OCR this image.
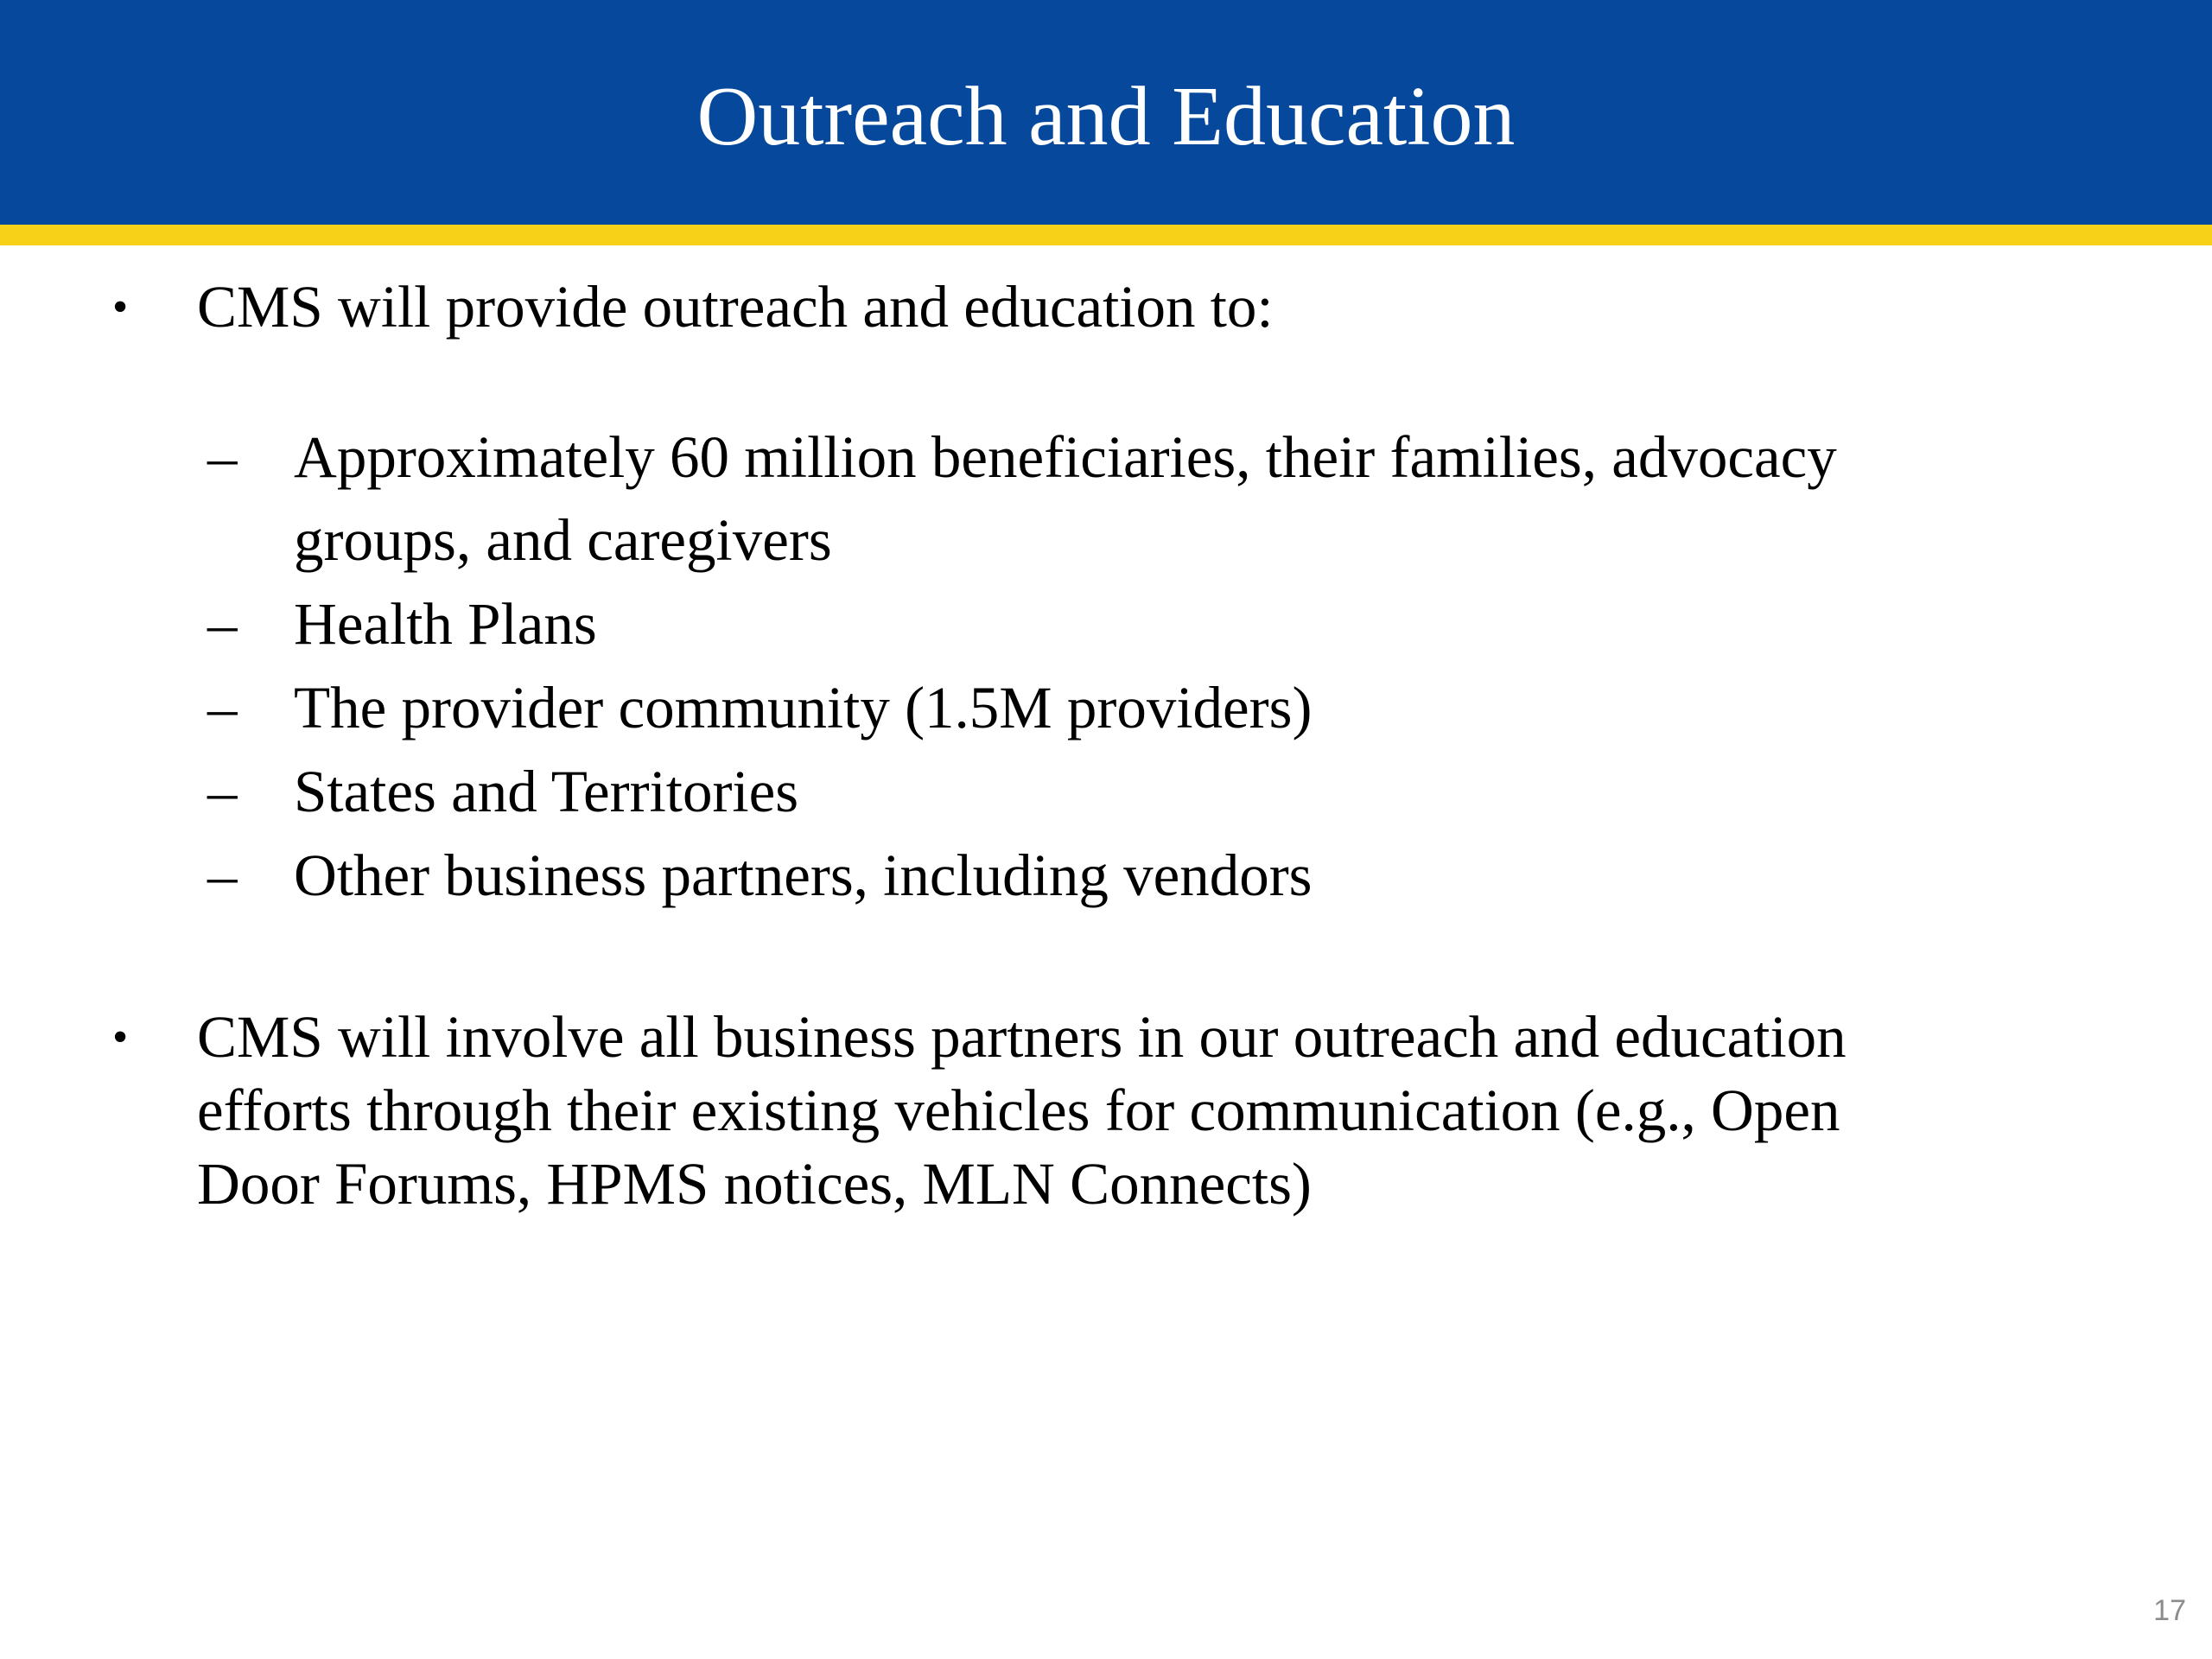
Outreach and Education
• CMS will provide outreach and education to:
– Approximately 60 million beneficiaries, their families, advocacy
groups, and caregivers
– Health Plans
– The provider community (1.5M providers)
– States and Territories
– Other business partners, including vendors
• CMS will involve all business partners in our outreach and education
efforts through their existing vehicles for communication (e.g., Open
Door Forums, HPMS notices, MLN Connects)
17
